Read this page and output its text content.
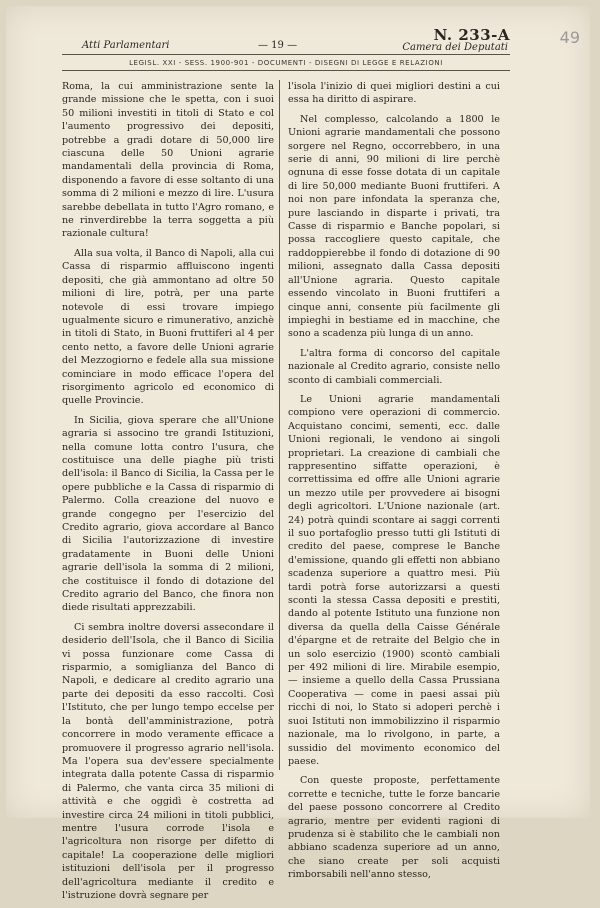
49
Atti Parlamentari	— 19 —
N. 233-A
Camera dei Deputati
LEGISL. XXI - SESS. 1900-901 - DOCUMENTI - DISEGNI DI LEGGE E RELAZIONI

Roma, la cui amministrazione sente la grande missione che le spetta, con i suoi 50 milioni investiti in titoli di Stato e col l'aumento progressivo dei depositi, potrebbe a gradi dotare di 50,000 lire ciascuna delle 50 Unioni agrarie mandamentali della provincia di Roma, disponendo a favore di esse soltanto di una somma di 2 milioni e mezzo di lire. L'usura sarebbe debellata in tutto l'Agro romano, e ne rinverdirebbe la terra soggetta a più razionale cultura!

Alla sua volta, il Banco di Napoli, alla cui Cassa di risparmio affluiscono ingenti depositi, che già ammontano ad oltre 50 milioni di lire, potrà, per una parte notevole di essi trovare impiego ugualmente sicuro e rimunerativo, anzichè in titoli di Stato, in Buoni fruttiferi al 4 per cento netto, a favore delle Unioni agrarie del Mezzogiorno e fedele alla sua missione cominciare in modo efficace l'opera del risorgimento agricolo ed economico di quelle Provincie.

In Sicilia, giova sperare che all'Unione agraria si associno tre grandi Istituzioni, nella comune lotta contro l'usura, che costituisce una delle piaghe più tristi dell'isola: il Banco di Sicilia, la Cassa per le opere pubbliche e la Cassa di risparmio di Palermo. Colla creazione del nuovo e grande congegno per l'esercizio del Credito agrario, giova accordare al Banco di Sicilia l'autorizzazione di investire gradatamente in Buoni delle Unioni agrarie dell'isola la somma di 2 milioni, che costituisce il fondo di dotazione del Credito agrario del Banco, che finora non diede risultati apprezzabili.

Ci sembra inoltre doversi assecondare il desiderio dell'Isola, che il Banco di Sicilia vi possa funzionare come Cassa di risparmio, a somiglianza del Banco di Napoli, e dedicare al credito agrario una parte dei depositi da esso raccolti. Così l'Istituto, che per lungo tempo eccelse per la bontà dell'amministrazione, potrà concorrere in modo veramente efficace a promuovere il progresso agrario nell'isola. Ma l'opera sua dev'essere specialmente integrata dalla potente Cassa di risparmio di Palermo, che vanta circa 35 milioni di attività e che oggidì è costretta ad investire circa 24 milioni in titoli pubblici, mentre l'usura corrode l'isola e l'agricoltura non risorge per difetto di capitale! La cooperazione delle migliori istituzioni dell'isola per il progresso dell'agricoltura mediante il credito e l'istruzione dovrà segnare per

l'isola l'inizio di quei migliori destini a cui essa ha diritto di aspirare.

Nel complesso, calcolando a 1800 le Unioni agrarie mandamentali che possono sorgere nel Regno, occorrebbero, in una serie di anni, 90 milioni di lire perchè ognuna di esse fosse dotata di un capitale di lire 50,000 mediante Buoni fruttiferi. A noi non pare infondata la speranza che, pure lasciando in disparte i privati, tra Casse di risparmio e Banche popolari, si possa raccogliere questo capitale, che raddoppierebbe il fondo di dotazione di 90 milioni, assegnato dalla Cassa depositi all'Unione agraria. Questo capitale essendo vincolato in Buoni fruttiferi a cinque anni, consente più facilmente gli impieghi in bestiame ed in macchine, che sono a scadenza più lunga di un anno.

L'altra forma di concorso del capitale nazionale al Credito agrario, consiste nello sconto di cambiali commerciali.

Le Unioni agrarie mandamentali compiono vere operazioni di commercio. Acquistano concimi, sementi, ecc. dalle Unioni regionali, le vendono ai singoli proprietari. La creazione di cambiali che rappresentino siffatte operazioni, è correttissima ed offre alle Unioni agrarie un mezzo utile per provvedere ai bisogni degli agricoltori. L'Unione nazionale (art. 24) potrà quindi scontare ai saggi correnti il suo portafoglio presso tutti gli Istituti di credito del paese, comprese le Banche d'emissione, quando gli effetti non abbiano scadenza superiore a quattro mesi. Più tardi potrà forse autorizzarsi a questi sconti la stessa Cassa depositi e prestiti, dando al potente Istituto una funzione non diversa da quella della Caisse Générale d'épargne et de retraite del Belgio che in un solo esercizio (1900) scontò cambiali per 492 milioni di lire. Mirabile esempio, — insieme a quello della Cassa Prussiana Cooperativa — come in paesi assai più ricchi di noi, lo Stato si adoperi perchè i suoi Istituti non immobilizzino il risparmio nazionale, ma lo rivolgono, in parte, a sussidio del movimento economico del paese.

Con queste proposte, perfettamente corrette e tecniche, tutte le forze bancarie del paese possono concorrere al Credito agrario, mentre per evidenti ragioni di prudenza si è stabilito che le cambiali non abbiano scadenza superiore ad un anno, che siano create per soli acquisti rimborsabili nell'anno stesso,
